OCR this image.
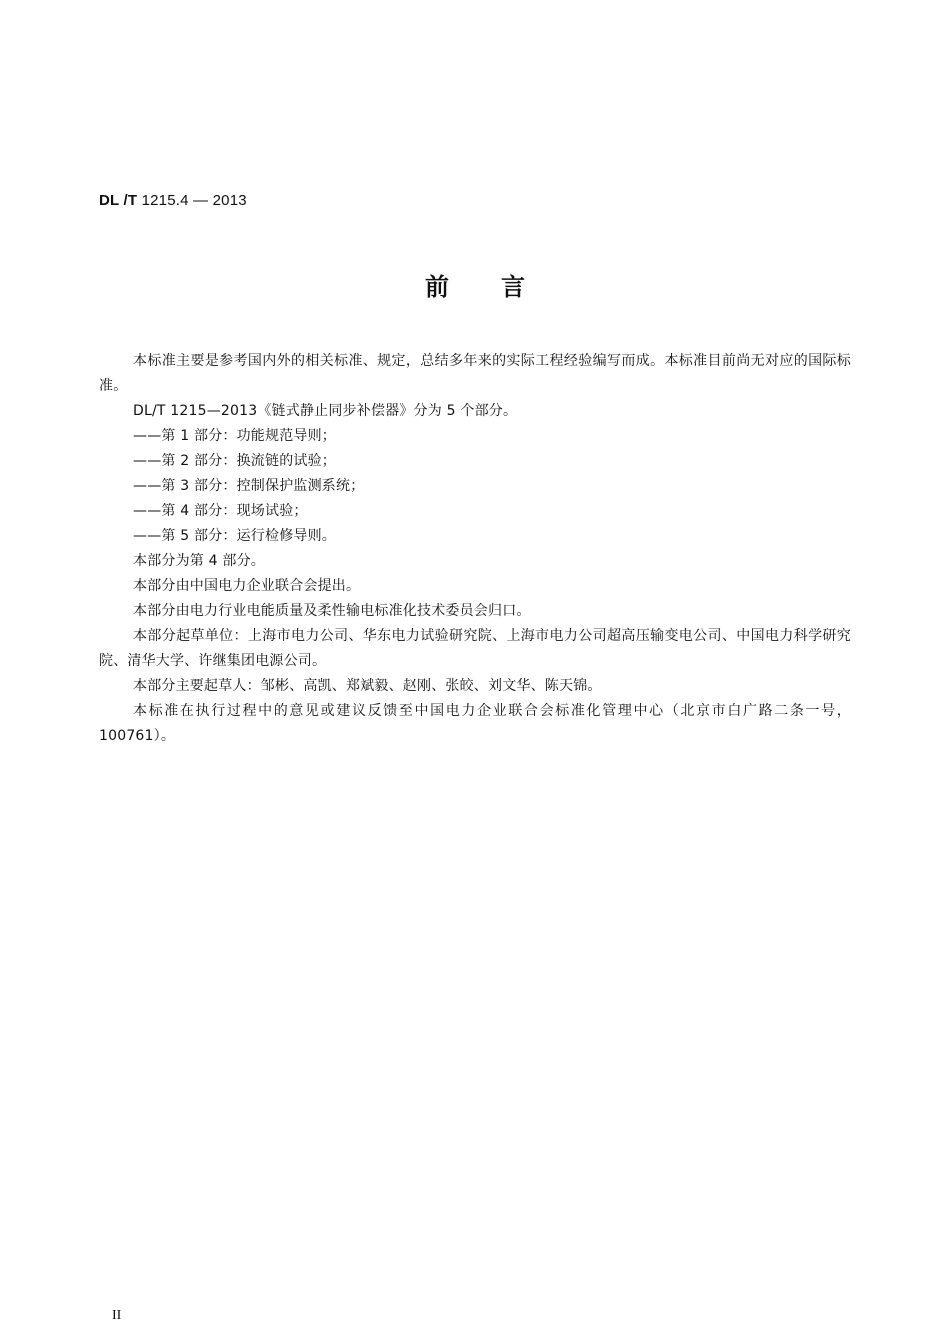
DL /T 1215.4 — 2013
前言

本标准主要是参考国内外的相关标准、规定，总结多年来的实际工程经验编写而成。本标准目前尚无对应的国际标准。

DL/T 1215—2013《链式静止同步补偿器》分为 5 个部分。

——第 1 部分：功能规范导则；

——第 2 部分：换流链的试验；

——第 3 部分：控制保护监测系统；

——第 4 部分：现场试验；

——第 5 部分：运行检修导则。

本部分为第 4 部分。

本部分由中国电力企业联合会提出。

本部分由电力行业电能质量及柔性输电标准化技术委员会归口。

本部分起草单位：上海市电力公司、华东电力试验研究院、上海市电力公司超高压输变电公司、中国电力科学研究院、清华大学、许继集团电源公司。

本部分主要起草人：邹彬、高凯、郑斌毅、赵刚、张皎、刘文华、陈天锦。

本标准在执行过程中的意见或建议反馈至中国电力企业联合会标准化管理中心（北京市白广路二条一号，100761）。

II
